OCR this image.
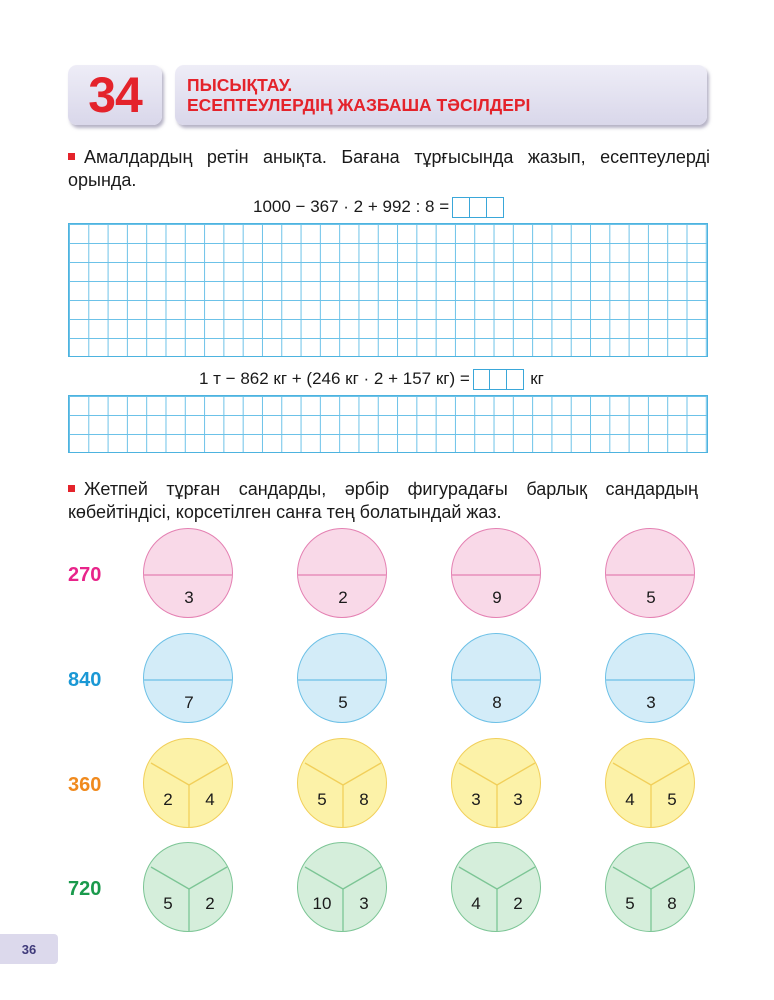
34	ПЫСЫҚТАУ.
ЕСЕПТЕУЛЕРДІҢ ЖАЗБАША ТӘСІЛДЕРІ
Амалдардың ретін анықта. Бағана тұрғысында жазып, есептеулерді орында.
1000 − 367 · 2 + 992 : 8 =
1 т − 862 кг + (246 кг · 2 + 157 кг) =	кг
Жетпей тұрған сандарды, әрбір фигурадағы барлық сандардың көбейтіндісі, корсетілген санға тең болатындай жаз.
270
3	2	9	5
840
7	5	8	3
360
2	4	5	8	3	3	4	5
720
5	2	10	3	4	2	5	8
36
